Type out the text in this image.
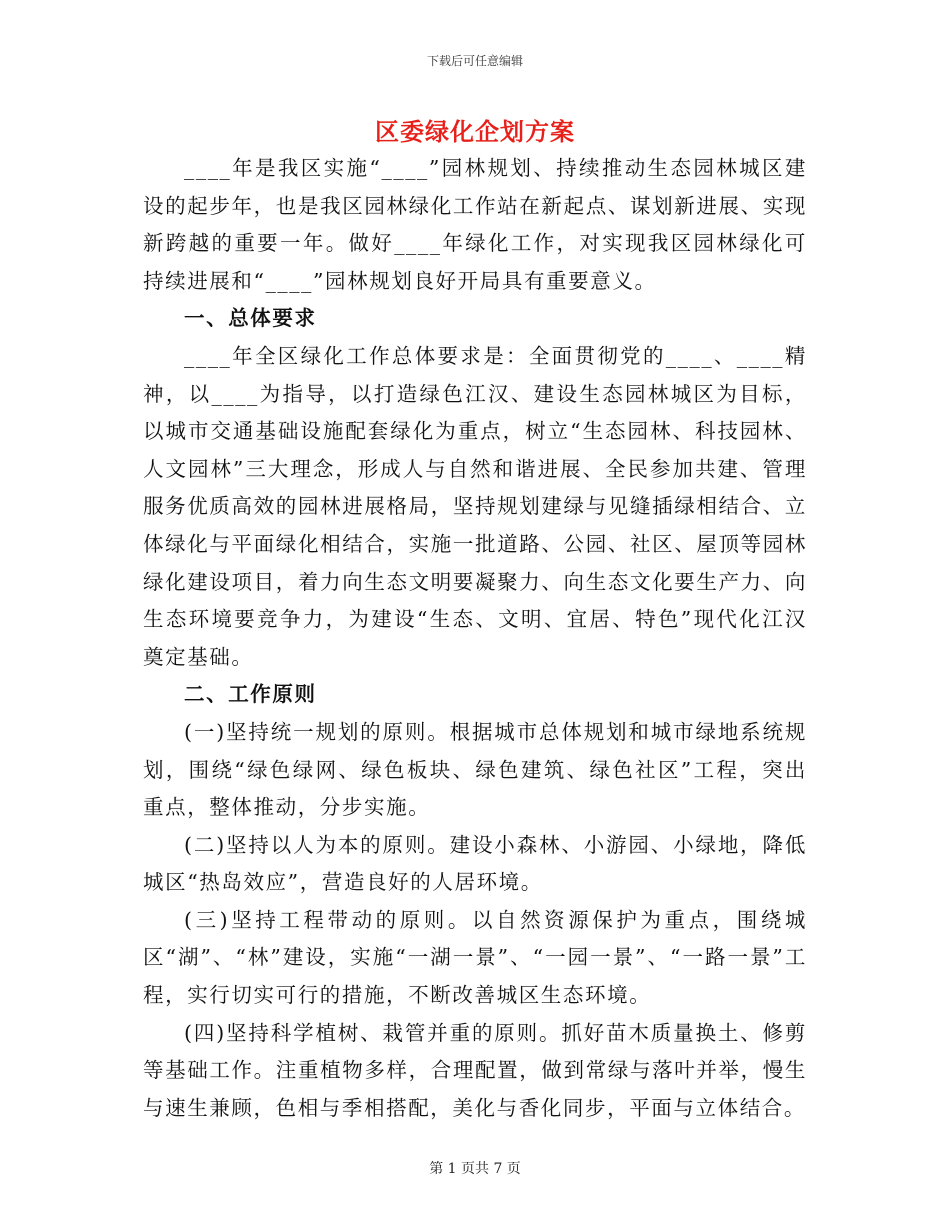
下载后可任意编辑
区委绿化企划方案

____年是我区实施“____”园林规划、持续推动生态园林城区建设的起步年，也是我区园林绿化工作站在新起点、谋划新进展、实现新跨越的重要一年。做好____年绿化工作，对实现我区园林绿化可持续进展和“____”园林规划良好开局具有重要意义。

一、总体要求

____年全区绿化工作总体要求是：全面贯彻党的____、____精神，以____为指导，以打造绿色江汉、建设生态园林城区为目标，以城市交通基础设施配套绿化为重点，树立“生态园林、科技园林、人文园林”三大理念，形成人与自然和谐进展、全民参加共建、管理服务优质高效的园林进展格局，坚持规划建绿与见缝插绿相结合、立体绿化与平面绿化相结合，实施一批道路、公园、社区、屋顶等园林绿化建设项目，着力向生态文明要凝聚力、向生态文化要生产力、向生态环境要竞争力，为建设“生态、文明、宜居、特色”现代化江汉奠定基础。

二、工作原则

(一)坚持统一规划的原则。根据城市总体规划和城市绿地系统规划，围绕“绿色绿网、绿色板块、绿色建筑、绿色社区”工程，突出重点，整体推动，分步实施。

(二)坚持以人为本的原则。建设小森林、小游园、小绿地，降低城区“热岛效应”，营造良好的人居环境。

(三)坚持工程带动的原则。以自然资源保护为重点，围绕城区“湖”、“林”建设，实施“一湖一景”、“一园一景”、“一路一景”工程，实行切实可行的措施，不断改善城区生态环境。

(四)坚持科学植树、栽管并重的原则。抓好苗木质量换土、修剪等基础工作。注重植物多样，合理配置，做到常绿与落叶并举，慢生与速生兼顾，色相与季相搭配，美化与香化同步，平面与立体结合。

第 1 页共 7 页
